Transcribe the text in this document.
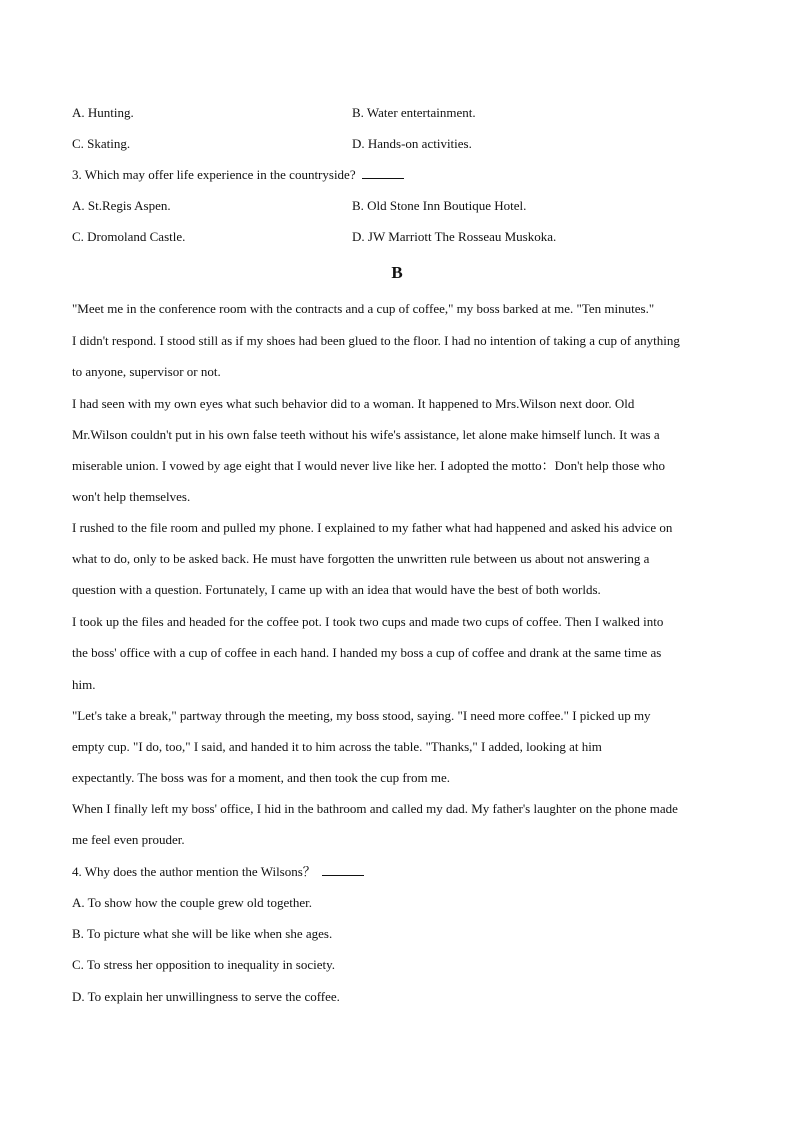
A. Hunting.	B. Water entertainment.
C. Skating.	D. Hands-on activities.
3. Which may offer life experience in the countryside?
A. St.Regis Aspen.	B. Old Stone Inn Boutique Hotel.
C. Dromoland Castle.	D. JW Marriott The Rosseau Muskoka.
B
"Meet me in the conference room with the contracts and a cup of coffee," my boss barked at me. "Ten minutes."
I didn't respond. I stood still as if my shoes had been glued to the floor. I had no intention of taking a cup of anything
to anyone, supervisor or not.
I had seen with my own eyes what such behavior did to a woman. It happened to Mrs.Wilson next door. Old
Mr.Wilson couldn't put in his own false teeth without his wife's assistance, let alone make himself lunch. It was a
miserable union. I vowed by age eight that I would never live like her. I adopted the motto：Don't help those who
won't help themselves.
I rushed to the file room and pulled my phone. I explained to my father what had happened and asked his advice on
what to do, only to be asked back. He must have forgotten the unwritten rule between us about not answering a
question with a question. Fortunately, I came up with an idea that would have the best of both worlds.
I took up the files and headed for the coffee pot. I took two cups and made two cups of coffee. Then I walked into
the boss' office with a cup of coffee in each hand. I handed my boss a cup of coffee and drank at the same time as
him.
"Let's take a break," partway through the meeting, my boss stood, saying. "I need more coffee." I picked up my
empty cup. "I do, too," I said, and handed it to him across the table. "Thanks," I added, looking at him
expectantly. The boss was for a moment, and then took the cup from me.
When I finally left my boss' office, I hid in the bathroom and called my dad. My father's laughter on the phone made
me feel even prouder.
4. Why does the author mention the Wilsons？
A. To show how the couple grew old together.
B. To picture what she will be like when she ages.
C. To stress her opposition to inequality in society.
D. To explain her unwillingness to serve the coffee.
